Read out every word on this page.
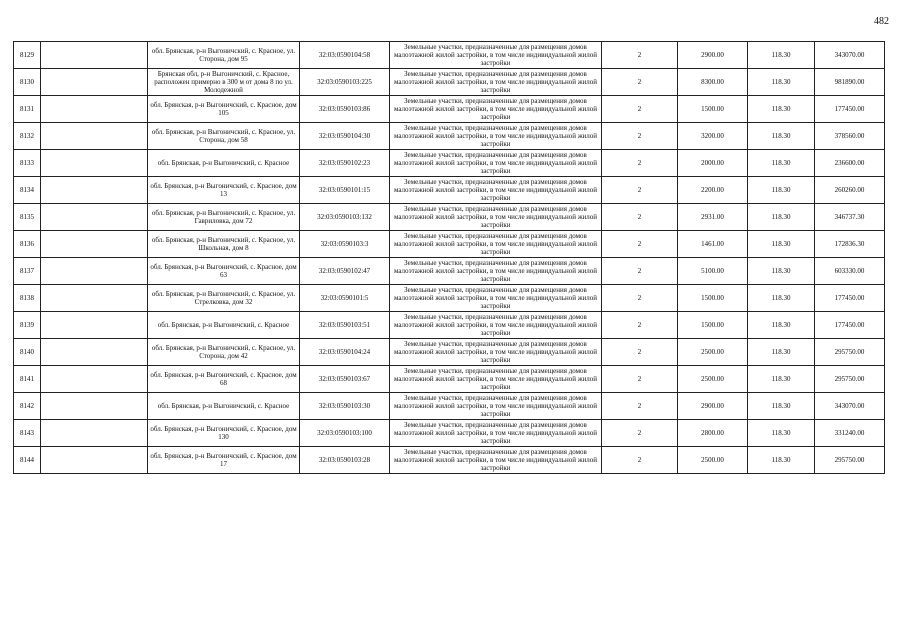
482
8129		обл. Брянская, р-н Выгоничский, с. Красное, ул. Сторона, дом 95	32:03:0590104:58	Земельные участки, предназначенные для размещения домов малоэтажной жилой застройки, в том числе индивидуальной жилой застройки	2	2900.00	118.30	343070.00
8130		Брянская обл, р-н Выгоничский, с. Красное, расположен примерно в 300 м от дома 8 по ул. Молодежной	32:03:0590103:225	Земельные участки, предназначенные для размещения домов малоэтажной жилой застройки, в том числе индивидуальной жилой застройки	2	8300.00	118.30	981890.00
8131		обл. Брянская, р-н Выгоничский, с. Красное, дом 105	32:03:0590103:86	Земельные участки, предназначенные для размещения домов малоэтажной жилой застройки, в том числе индивидуальной жилой застройки	2	1500.00	118.30	177450.00
8132		обл. Брянская, р-н Выгоничский, с. Красное, ул. Сторона, дом 58	32:03:0590104:30	Земельные участки, предназначенные для размещения домов малоэтажной жилой застройки, в том числе индивидуальной жилой застройки	2	3200.00	118.30	378560.00
8133		обл. Брянская, р-н Выгоничский, с. Красное	32:03:0590102:23	Земельные участки, предназначенные для размещения домов малоэтажной жилой застройки, в том числе индивидуальной жилой застройки	2	2000.00	118.30	236600.00
8134		обл. Брянская, р-н Выгоничский, с. Красное, дом 13	32:03:0590101:15	Земельные участки, предназначенные для размещения домов малоэтажной жилой застройки, в том числе индивидуальной жилой застройки	2	2200.00	118.30	260260.00
8135		обл. Брянская, р-н Выгоничский, с. Красное, ул. Гавриловка, дом 72	32:03:0590103:132	Земельные участки, предназначенные для размещения домов малоэтажной жилой застройки, в том числе индивидуальной жилой застройки	2	2931.00	118.30	346737.30
8136		обл. Брянская, р-н Выгоничский, с. Красное, ул. Школьная, дом 8	32:03:0590103:3	Земельные участки, предназначенные для размещения домов малоэтажной жилой застройки, в том числе индивидуальной жилой застройки	2	1461.00	118.30	172836.30
8137		обл. Брянская, р-н Выгоничский, с. Красное, дом 63	32:03:0590102:47	Земельные участки, предназначенные для размещения домов малоэтажной жилой застройки, в том числе индивидуальной жилой застройки	2	5100.00	118.30	603330.00
8138		обл. Брянская, р-н Выгоничский, с. Красное, ул. Стрелковка, дом 32	32:03:0590101:5	Земельные участки, предназначенные для размещения домов малоэтажной жилой застройки, в том числе индивидуальной жилой застройки	2	1500.00	118.30	177450.00
8139		обл. Брянская, р-н Выгоничский, с. Красное	32:03:0590103:51	Земельные участки, предназначенные для размещения домов малоэтажной жилой застройки, в том числе индивидуальной жилой застройки	2	1500.00	118.30	177450.00
8140		обл. Брянская, р-н Выгоничский, с. Красное, ул. Сторона, дом 42	32:03:0590104:24	Земельные участки, предназначенные для размещения домов малоэтажной жилой застройки, в том числе индивидуальной жилой застройки	2	2500.00	118.30	295750.00
8141		обл. Брянская, р-н Выгоничский, с. Красное, дом 68	32:03:0590103:67	Земельные участки, предназначенные для размещения домов малоэтажной жилой застройки, в том числе индивидуальной жилой застройки	2	2500.00	118.30	295750.00
8142		обл. Брянская, р-н Выгоничский, с. Красное	32:03:0590103:30	Земельные участки, предназначенные для размещения домов малоэтажной жилой застройки, в том числе индивидуальной жилой застройки	2	2900.00	118.30	343070.00
8143		обл. Брянская, р-н Выгоничский, с. Красное, дом 130	32:03:0590103:100	Земельные участки, предназначенные для размещения домов малоэтажной жилой застройки, в том числе индивидуальной жилой застройки	2	2800.00	118.30	331240.00
8144		обл. Брянская, р-н Выгоничский, с. Красное, дом 17	32:03:0590103:28	Земельные участки, предназначенные для размещения домов малоэтажной жилой застройки, в том числе индивидуальной жилой застройки	2	2500.00	118.30	295750.00
